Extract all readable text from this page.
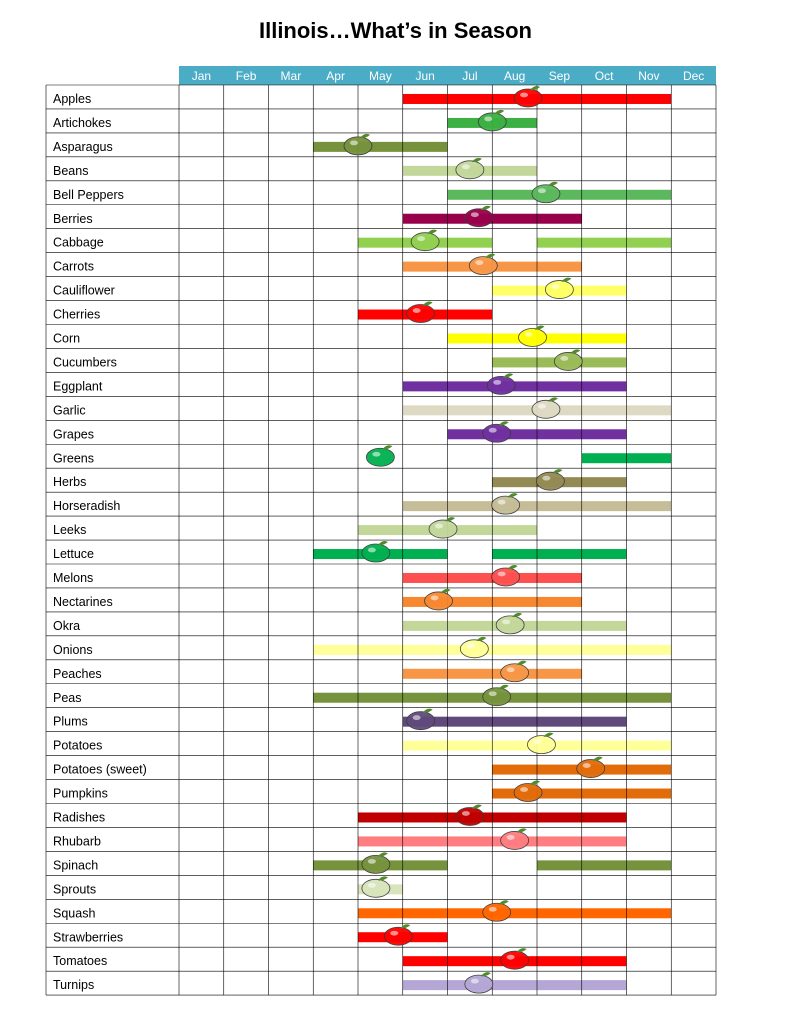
Illinois…What’s in Season
Jan Feb Mar Apr May Jun Jul Aug Sep Oct Nov Dec
Apples
Artichokes
Asparagus
Beans
Bell Peppers
Berries
Cabbage
Carrots
Cauliflower
Cherries
Corn
Cucumbers
Eggplant
Garlic
Grapes
Greens
Herbs
Horseradish
Leeks
Lettuce
Melons
Nectarines
Okra
Onions
Peaches
Peas
Plums
Potatoes
Potatoes (sweet)
Pumpkins
Radishes
Rhubarb
Spinach
Sprouts
Squash
Strawberries
Tomatoes
Turnips
